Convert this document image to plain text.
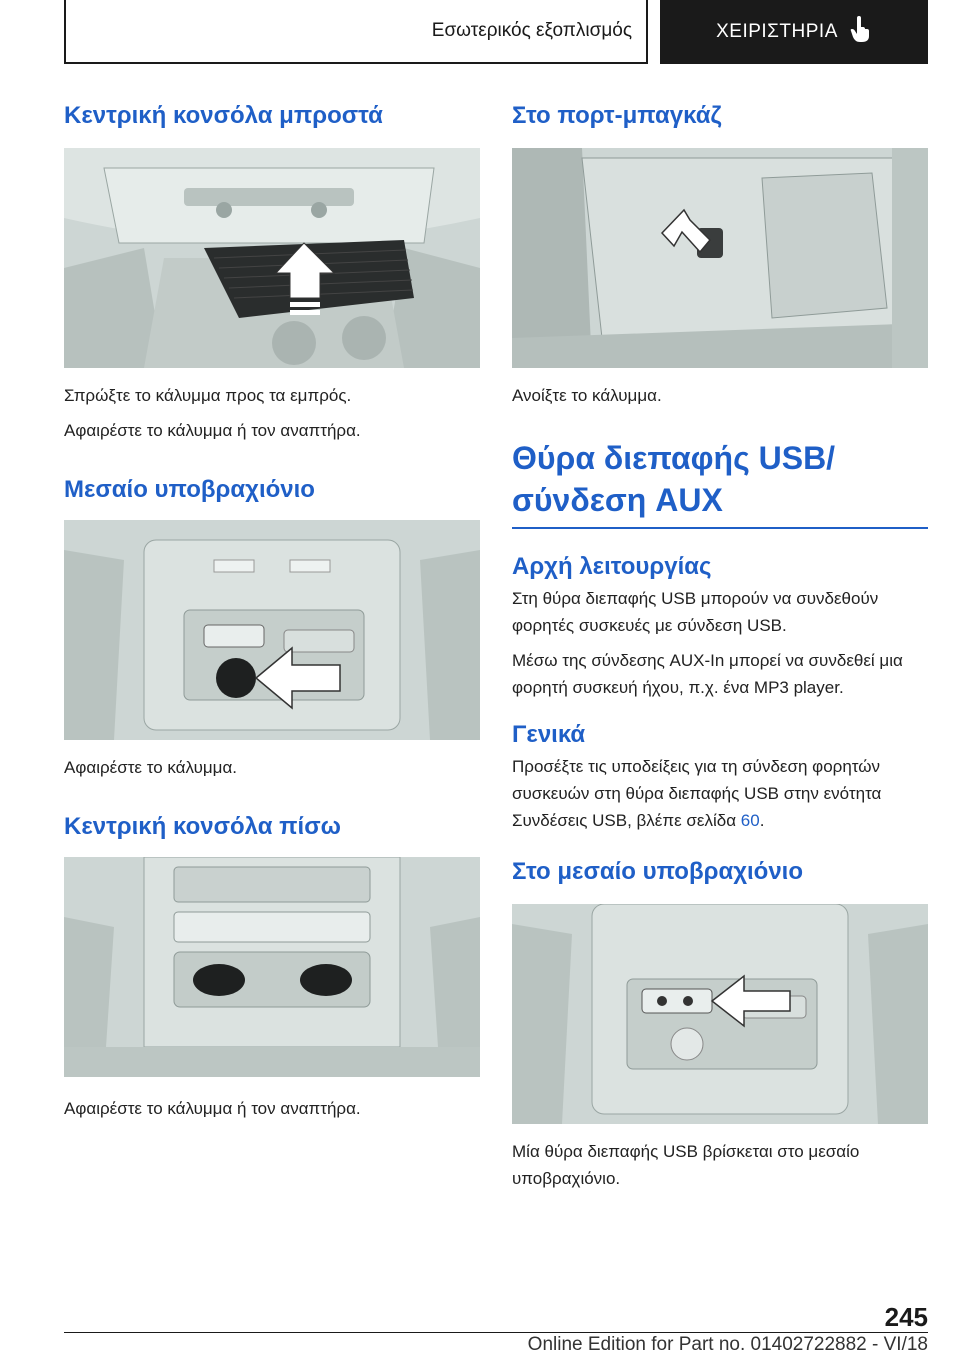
Εσωτερικός εξοπλισμός	ΧΕΙΡΙΣΤΗΡΙΑ
Κεντρική κονσόλα μπροστά

Σπρώξτε το κάλυμμα προς τα εμπρός.

Αφαιρέστε το κάλυμμα ή τον αναπτήρα.

Μεσαίο υποβραχιόνιο

Αφαιρέστε το κάλυμμα.

Κεντρική κονσόλα πίσω

Αφαιρέστε το κάλυμμα ή τον αναπτήρα.

Στο πορτ-μπαγκάζ

Ανοίξτε το κάλυμμα.

Θύρα διεπαφής USB/
σύνδεση AUX
Αρχή λειτουργίας

Στη θύρα διεπαφής USB μπορούν να συνδεθούν φορητές συσκευές με σύνδεση USB.

Μέσω της σύνδεσης AUX-In μπορεί να συνδεθεί μια φορητή συσκευή ήχου, π.χ. ένα MP3 player.

Γενικά

Προσέξτε τις υποδείξεις για τη σύνδεση φορητών συσκευών στη θύρα διεπαφής USB στην ενότητα Συνδέσεις USB, βλέπε σελίδα 60.

Στο μεσαίο υποβραχιόνιο

Μία θύρα διεπαφής USB βρίσκεται στο μεσαίο υποβραχιόνιο.

245
Online Edition for Part no. 01402722882 - VI/18
